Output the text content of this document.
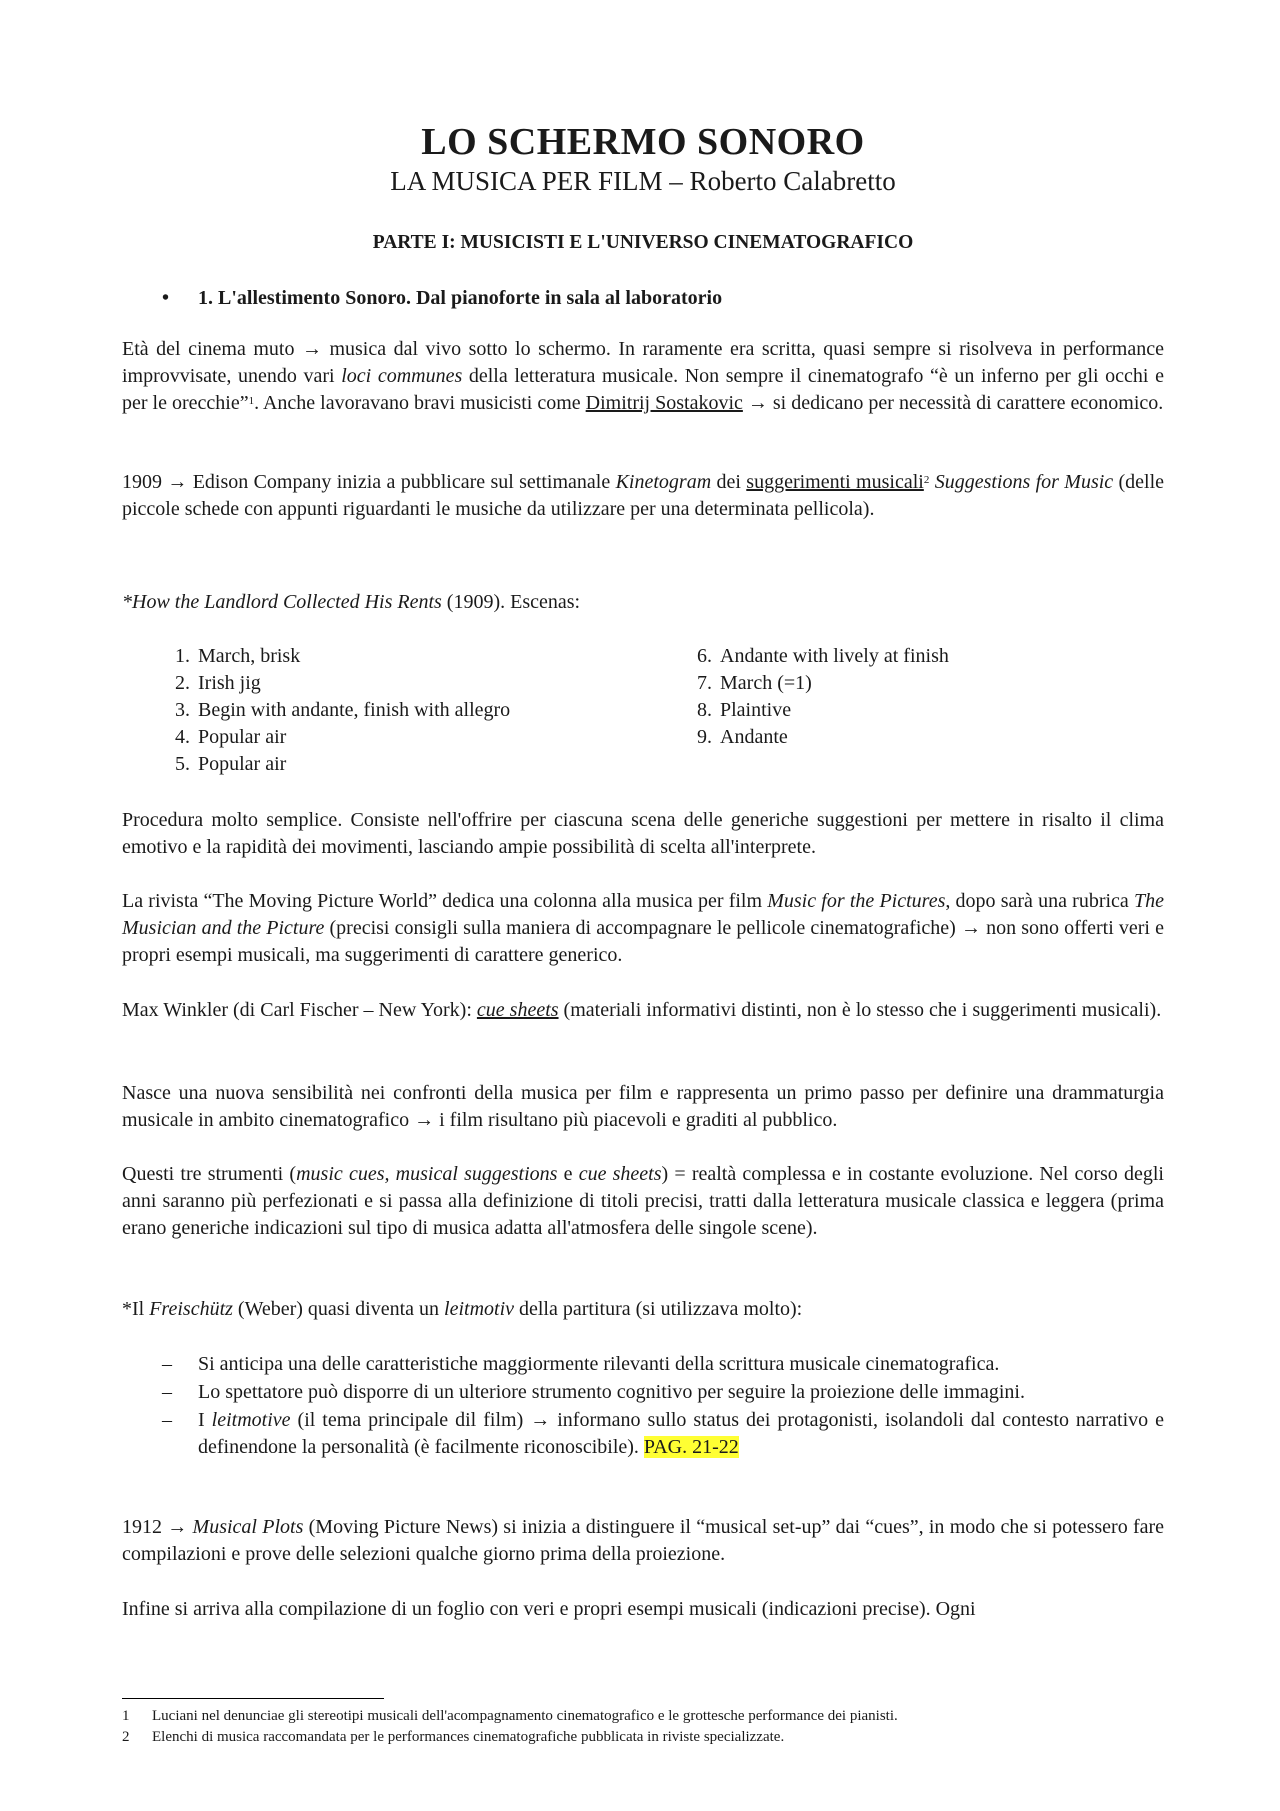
LO SCHERMO SONORO
LA MUSICA PER FILM – Roberto Calabretto
PARTE I: MUSICISTI E L'UNIVERSO CINEMATOGRAFICO
• 1. L'allestimento Sonoro. Dal pianoforte in sala al laboratorio

Età del cinema muto → musica dal vivo sotto lo schermo. In raramente era scritta, quasi sempre si risolveva in performance improvvisate, unendo vari loci communes della letteratura musicale. Non sempre il cinematografo “è un inferno per gli occhi e per le orecchie”$^1$. Anche lavoravano bravi musicisti come Dimitrij Sostakovic → si dedicano per necessità di carattere economico.

1909 → Edison Company inizia a pubblicare sul settimanale Kinetogram dei suggerimenti musicali$^2$ Suggestions for Music (delle piccole schede con appunti riguardanti le musiche da utilizzare per una determinata pellicola).

*How the Landlord Collected His Rents (1909). Escenas:

1. March, brisk
2. Irish jig
3. Begin with andante, finish with allegro
4. Popular air
5. Popular air
6. Andante with lively at finish
7. March (=1)
8. Plaintive
9. Andante

Procedura molto semplice. Consiste nell'offrire per ciascuna scena delle generiche suggestioni per mettere in risalto il clima emotivo e la rapidità dei movimenti, lasciando ampie possibilità di scelta all'interprete.

La rivista “The Moving Picture World” dedica una colonna alla musica per film Music for the Pictures, dopo sarà una rubrica The Musician and the Picture (precisi consigli sulla maniera di accompagnare le pellicole cinematografiche) → non sono offerti veri e propri esempi musicali, ma suggerimenti di carattere generico.

Max Winkler (di Carl Fischer – New York): cue sheets (materiali informativi distinti, non è lo stesso che i suggerimenti musicali).

Nasce una nuova sensibilità nei confronti della musica per film e rappresenta un primo passo per definire una drammaturgia musicale in ambito cinematografico → i film risultano più piacevoli e graditi al pubblico.

Questi tre strumenti (music cues, musical suggestions e cue sheets) = realtà complessa e in costante evoluzione. Nel corso degli anni saranno più perfezionati e si passa alla definizione di titoli precisi, tratti dalla letteratura musicale classica e leggera (prima erano generiche indicazioni sul tipo di musica adatta all'atmosfera delle singole scene).

*Il Freischütz (Weber) quasi diventa un leitmotiv della partitura (si utilizzava molto):

– Si anticipa una delle caratteristiche maggiormente rilevanti della scrittura musicale cinematografica.
– Lo spettatore può disporre di un ulteriore strumento cognitivo per seguire la proiezione delle immagini.
– I leitmotive (il tema principale dil film) → informano sullo status dei protagonisti, isolandoli dal contesto narrativo e definendone la personalità (è facilmente riconoscibile). PAG. 21-22

1912 → Musical Plots (Moving Picture News) si inizia a distinguere il “musical set-up” dai “cues”, in modo che si potessero fare compilazioni e prove delle selezioni qualche giorno prima della proiezione.

Infine si arriva alla compilazione di un foglio con veri e propri esempi musicali (indicazioni precise). Ogni

1 Luciani nel denunciae gli stereotipi musicali dell'acompagnamento cinematografico e le grottesche performance dei pianisti.
2 Elenchi di musica raccomandata per le performances cinematografiche pubblicata in riviste specializzate.
